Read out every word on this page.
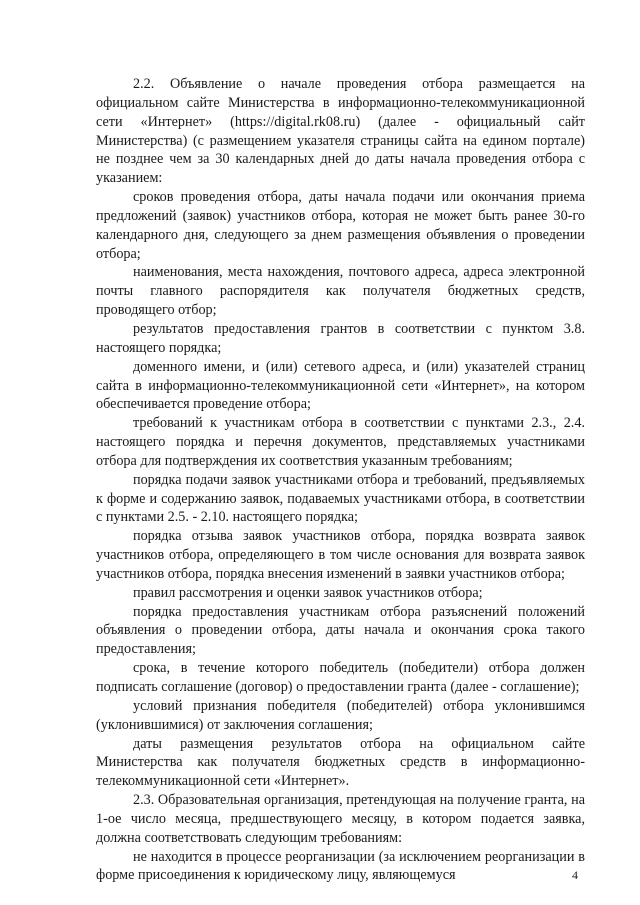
2.2. Объявление о начале проведения отбора размещается на официальном сайте Министерства в информационно-телекоммуникационной сети «Интернет» (https://digital.rk08.ru) (далее - официальный сайт Министерства) (с размещением указателя страницы сайта на едином портале) не позднее чем за 30 календарных дней до даты начала проведения отбора с указанием:

сроков проведения отбора, даты начала подачи или окончания приема предложений (заявок) участников отбора, которая не может быть ранее 30-го календарного дня, следующего за днем размещения объявления о проведении отбора;

наименования, места нахождения, почтового адреса, адреса электронной почты главного распорядителя как получателя бюджетных средств, проводящего отбор;

результатов предоставления грантов в соответствии с пунктом 3.8. настоящего порядка;

доменного имени, и (или) сетевого адреса, и (или) указателей страниц сайта в информационно-телекоммуникационной сети «Интернет», на котором обеспечивается проведение отбора;

требований к участникам отбора в соответствии с пунктами 2.3., 2.4. настоящего порядка и перечня документов, представляемых участниками отбора для подтверждения их соответствия указанным требованиям;

порядка подачи заявок участниками отбора и требований, предъявляемых к форме и содержанию заявок, подаваемых участниками отбора, в соответствии с пунктами 2.5. - 2.10. настоящего порядка;

порядка отзыва заявок участников отбора, порядка возврата заявок участников отбора, определяющего в том числе основания для возврата заявок участников отбора, порядка внесения изменений в заявки участников отбора;

правил рассмотрения и оценки заявок участников отбора;

порядка предоставления участникам отбора разъяснений положений объявления о проведении отбора, даты начала и окончания срока такого предоставления;

срока, в течение которого победитель (победители) отбора должен подписать соглашение (договор) о предоставлении гранта (далее - соглашение);

условий признания победителя (победителей) отбора уклонившимся (уклонившимися) от заключения соглашения;

даты размещения результатов отбора на официальном сайте Министерства как получателя бюджетных средств в информационно-телекоммуникационной сети «Интернет».

2.3. Образовательная организация, претендующая на получение гранта, на 1-ое число месяца, предшествующего месяцу, в котором подается заявка, должна соответствовать следующим требованиям:

не находится в процессе реорганизации (за исключением реорганизации в форме присоединения к юридическому лицу, являющемуся	4
